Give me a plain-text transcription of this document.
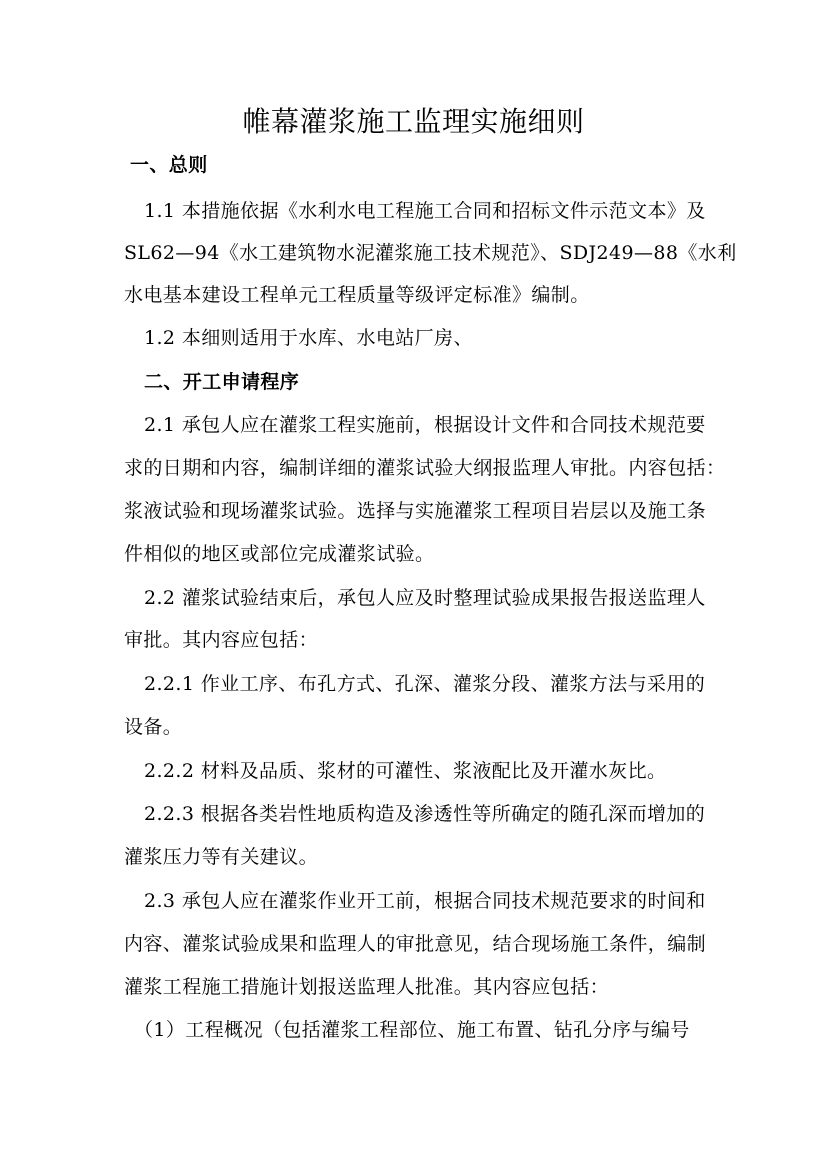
帷幕灌浆施工监理实施细则
一、总则
1.1 本措施依据《水利水电工程施工合同和招标文件示范文本》及
SL62—94《水工建筑物水泥灌浆施工技术规范》、SDJ249—88《水利
水电基本建设工程单元工程质量等级评定标准》编制。
1.2 本细则适用于水库、水电站厂房、
二、开工申请程序
2.1 承包人应在灌浆工程实施前，根据设计文件和合同技术规范要
求的日期和内容，编制详细的灌浆试验大纲报监理人审批。内容包括：
浆液试验和现场灌浆试验。选择与实施灌浆工程项目岩层以及施工条
件相似的地区或部位完成灌浆试验。
2.2 灌浆试验结束后，承包人应及时整理试验成果报告报送监理人
审批。其内容应包括：
2.2.1 作业工序、布孔方式、孔深、灌浆分段、灌浆方法与采用的
设备。
2.2.2 材料及品质、浆材的可灌性、浆液配比及开灌水灰比。
2.2.3 根据各类岩性地质构造及渗透性等所确定的随孔深而增加的
灌浆压力等有关建议。
2.3 承包人应在灌浆作业开工前，根据合同技术规范要求的时间和
内容、灌浆试验成果和监理人的审批意见，结合现场施工条件，编制
灌浆工程施工措施计划报送监理人批准。其内容应包括：
（1）工程概况（包括灌浆工程部位、施工布置、钻孔分序与编号
